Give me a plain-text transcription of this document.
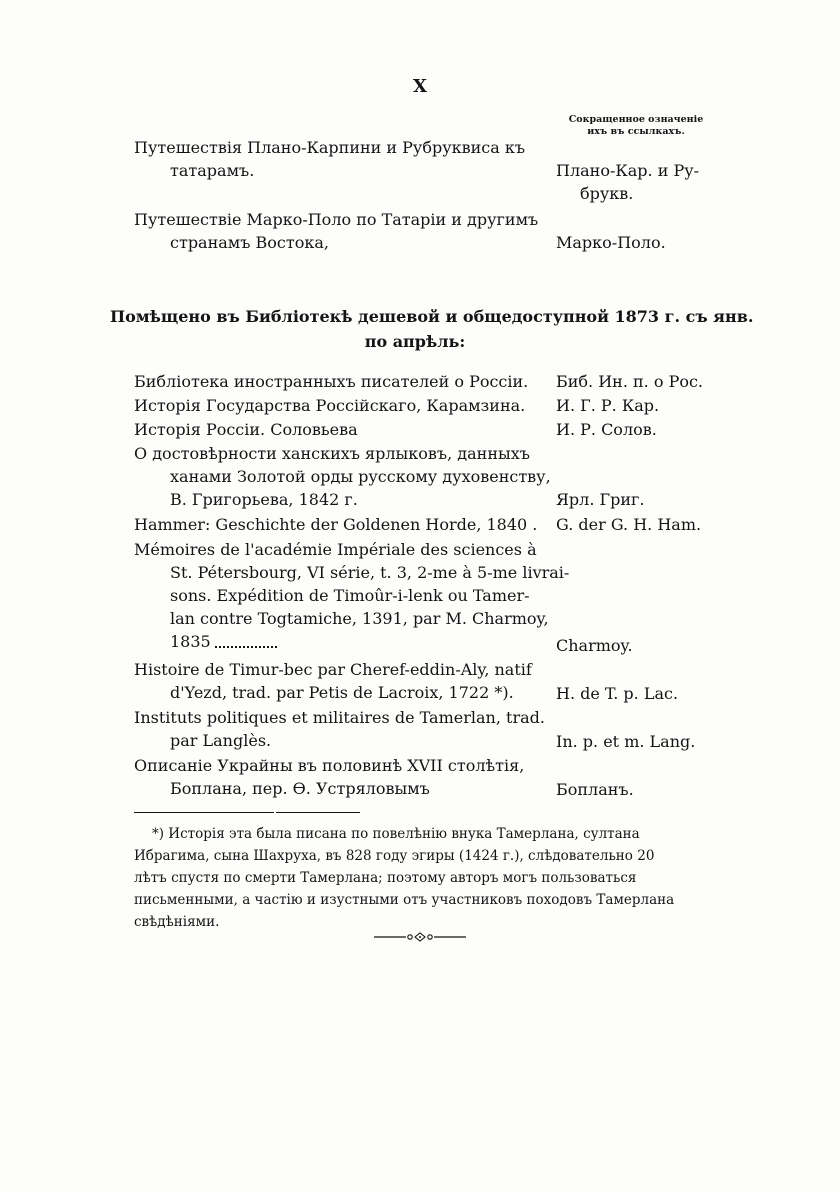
X
Сокращенное означеніе
ихъ въ ссылкахъ.
Путешествія Плано-Карпини и Рубруквиса къ
татарамъ.	Плано-Кар. и Ру-
брукв.
Путешествіе Марко-Поло по Татаріи и другимъ
странамъ Востока,	Марко-Поло.
Помѣщено въ Библіотекѣ дешевой и общедоступной 1873 г. съ янв.
по апрѣль:
Библіотека иностранныхъ писателей о Россіи.	Биб. Ин. п. о Рос.
Исторія Государства Россійскаго, Карамзина.	И. Г. Р. Кар.
Исторія Россіи. Соловьева	И. Р. Солов.
О достовѣрности ханскихъ ярлыковъ, данныхъ
ханами Золотой орды русскому духовенству,
В. Григорьева, 1842 г.	Ярл. Григ.
Hammer: Geschichte der Goldenen Horde, 1840 .	G. der G. H. Ham.
Mémoires de l'académie Impériale des sciences à
St. Pétersbourg, VI série, t. 3, 2-me à 5-me livrai-
sons. Expédition de Timoûr-i-lenk ou Tamer-
lan contre Togtamiche, 1391, par M. Charmoy,
1835	Charmoy.
Histoire de Timur-bec par Cheref-eddin-Aly, natif
d'Yezd, trad. par Petis de Lacroix, 1722 *).	H. de T. p. Lac.
Instituts politiques et militaires de Tamerlan, trad.
par Langlès.	In. p. et m. Lang.
Описаніе Украйны въ половинѣ XVII столѣтія,
Боплана, пер. Ѳ. Устряловымъ	Бопланъ.
*) Исторія эта была писана по повелѣнію внука Тамерлана, султана
Ибрагима, сына Шахруха, въ 828 году эгиры (1424 г.), слѣдовательно 20
лѣтъ спустя по смерти Тамерлана; поэтому авторъ могъ пользоваться
письменными, а частію и изустными отъ участниковъ походовъ Тамерлана
свѣдѣніями.
